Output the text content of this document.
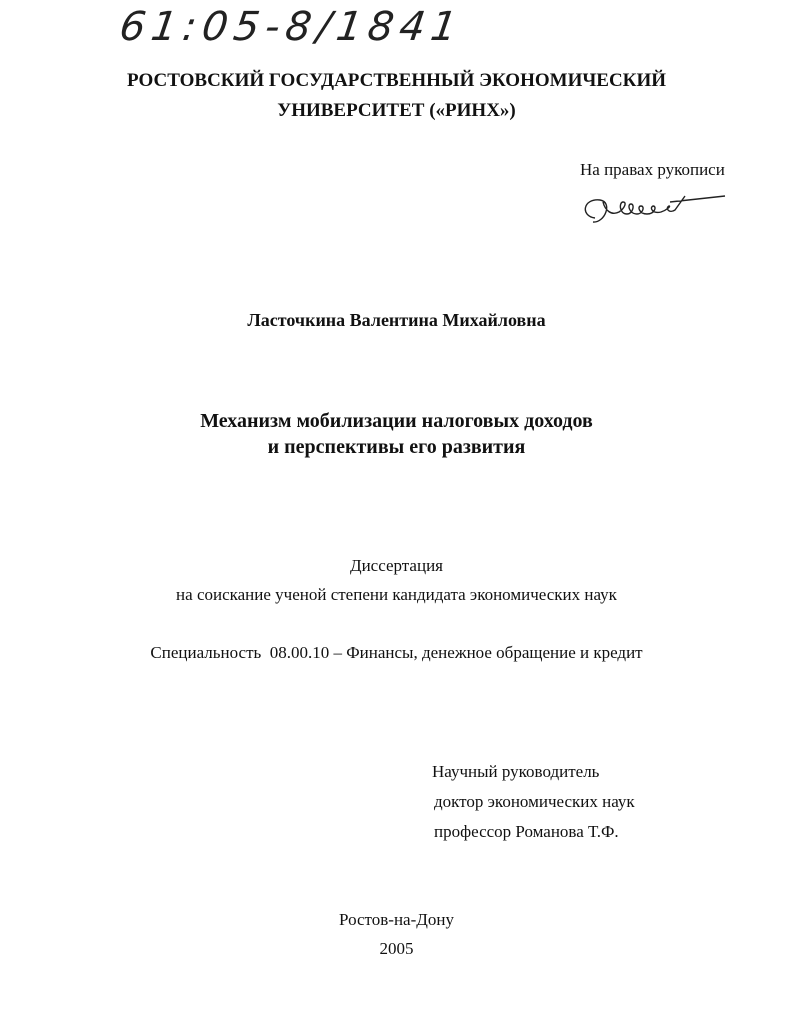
61:05-8/1841
РОСТОВСКИЙ ГОСУДАРСТВЕННЫЙ ЭКОНОМИЧЕСКИЙ
УНИВЕРСИТЕТ («РИНХ»)
На правах рукописи
Ласточкина Валентина Михайловна
Механизм мобилизации налоговых доходов
и перспективы его развития
Диссертация
на соискание ученой степени кандидата экономических наук
Специальность  08.00.10 – Финансы, денежное обращение и кредит
Научный руководитель
доктор экономических наук
профессор Романова Т.Ф.
Ростов-на-Дону
2005
